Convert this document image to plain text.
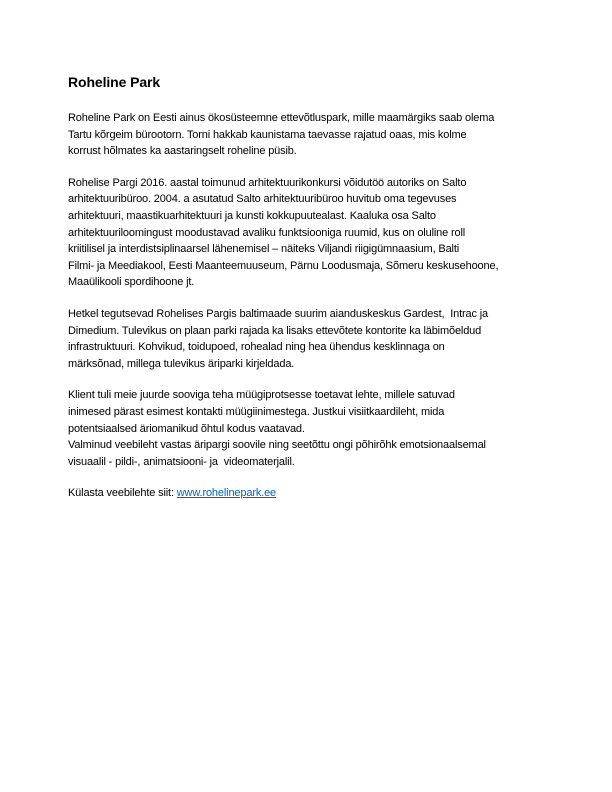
Roheline Park
Roheline Park on Eesti ainus ökosüsteemne ettevõtluspark, mille maamärgiks saab olema
Tartu kõrgeim bürootorn. Torni hakkab kaunistama taevasse rajatud oaas, mis kolme
korrust hõlmates ka aastaringselt roheline püsib.
Rohelise Pargi 2016. aastal toimunud arhitektuurikonkursi võidutöö autoriks on Salto
arhitektuuribüroo. 2004. a asutatud Salto arhitektuuribüroo huvitub oma tegevuses
arhitektuuri, maastikuarhitektuuri ja kunsti kokkupuutealast. Kaaluka osa Salto
arhitektuuriloomingust moodustavad avaliku funktsiooniga ruumid, kus on oluline roll
kriitilisel ja interdistsiplinaarsel lähenemisel – näiteks Viljandi riigigümnaasium, Balti
Filmi- ja Meediakool, Eesti Maanteemuuseum, Pärnu Loodusmaja, Sõmeru keskusehoone,
Maaülikooli spordihoone jt.
Hetkel tegutsevad Rohelises Pargis baltimaade suurim aianduskeskus Gardest,  Intrac ja
Dimedium. Tulevikus on plaan parki rajada ka lisaks ettevõtete kontorite ka läbimõeldud
infrastruktuuri. Kohvikud, toidupoed, rohealad ning hea ühendus kesklinnaga on
märksõnad, millega tulevikus äriparki kirjeldada.
Klient tuli meie juurde sooviga teha müügiprotsesse toetavat lehte, millele satuvad
inimesed pärast esimest kontakti müügiinimestega. Justkui visiitkaardileht, mida
potentsiaalsed äriomanikud õhtul kodus vaatavad.
Valminud veebileht vastas äripargi soovile ning seetõttu ongi põhirõhk emotsionaalsemal
visuaalil - pildi-, animatsiooni- ja  videomaterjalil.
Külasta veebilehte siit: www.rohelinepark.ee
